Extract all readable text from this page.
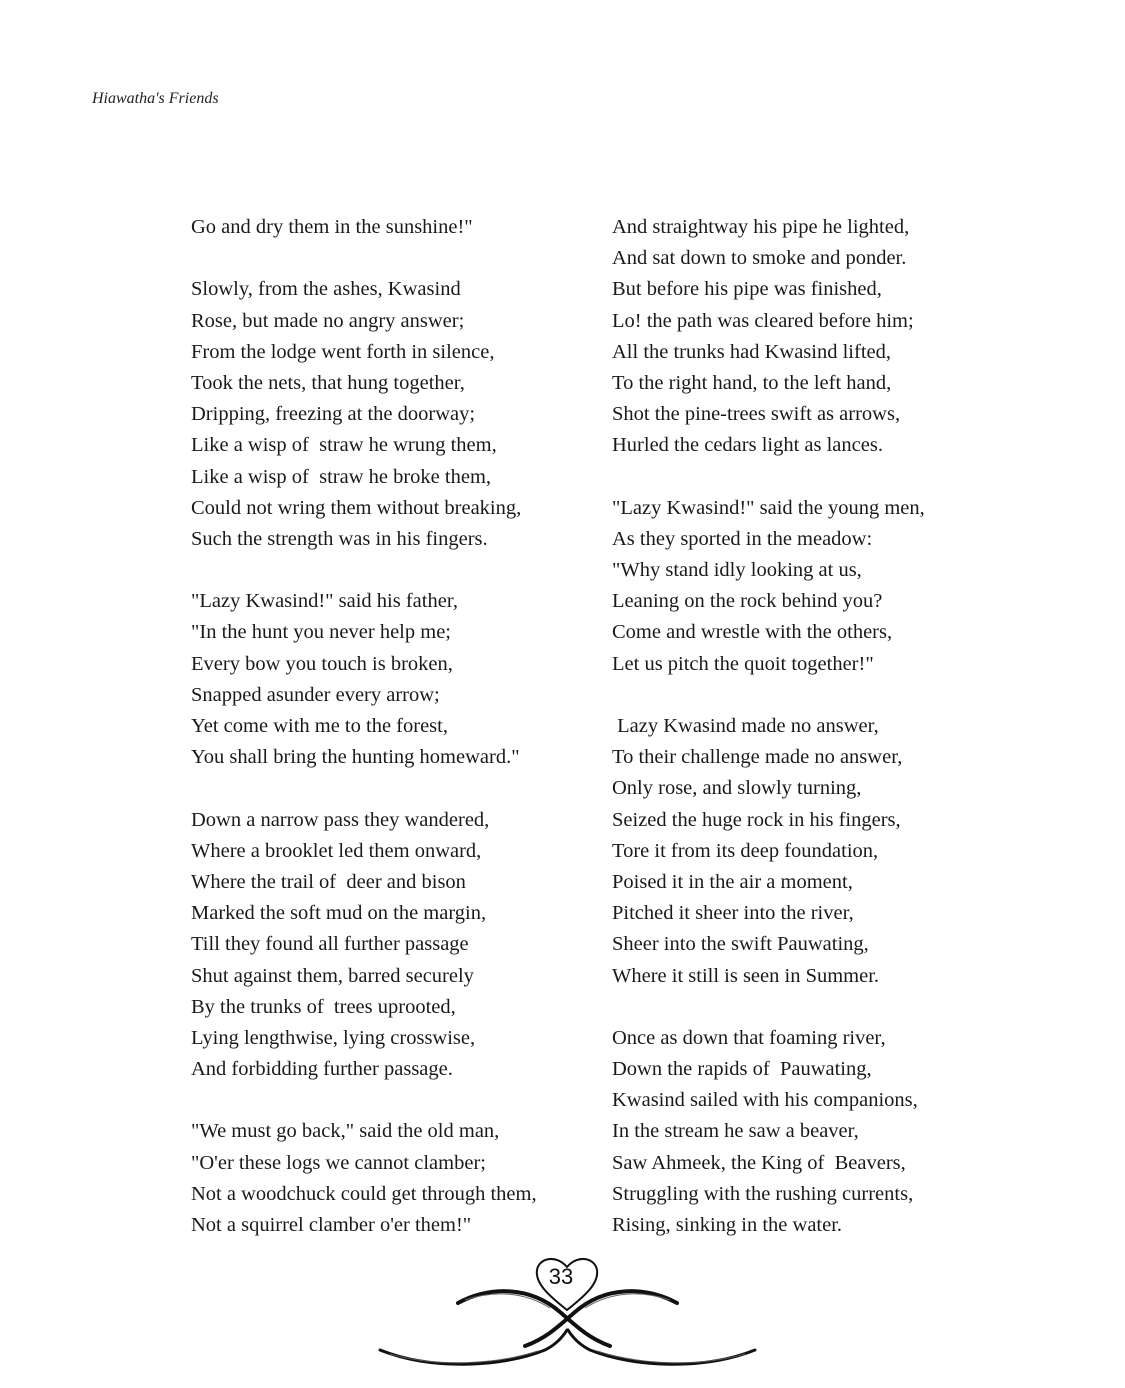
Hiawatha's Friends
Go and dry them in the sunshine!"
Slowly, from the ashes, Kwasind
Rose, but made no angry answer;
From the lodge went forth in silence,
Took the nets, that hung together,
Dripping, freezing at the doorway;
Like a wisp of  straw he wrung them,
Like a wisp of  straw he broke them,
Could not wring them without breaking,
Such the strength was in his fingers.
"Lazy Kwasind!" said his father,
"In the hunt you never help me;
Every bow you touch is broken,
Snapped asunder every arrow;
Yet come with me to the forest,
You shall bring the hunting homeward."
Down a narrow pass they wandered,
Where a brooklet led them onward,
Where the trail of  deer and bison
Marked the soft mud on the margin,
Till they found all further passage
Shut against them, barred securely
By the trunks of  trees uprooted,
Lying lengthwise, lying crosswise,
And forbidding further passage.
"We must go back," said the old man,
"O'er these logs we cannot clamber;
Not a woodchuck could get through them,
Not a squirrel clamber o'er them!"
And straightway his pipe he lighted,
And sat down to smoke and ponder.
But before his pipe was finished,
Lo! the path was cleared before him;
All the trunks had Kwasind lifted,
To the right hand, to the left hand,
Shot the pine-trees swift as arrows,
Hurled the cedars light as lances.
"Lazy Kwasind!" said the young men,
As they sported in the meadow:
"Why stand idly looking at us,
Leaning on the rock behind you?
Come and wrestle with the others,
Let us pitch the quoit together!"
Lazy Kwasind made no answer,
To their challenge made no answer,
Only rose, and slowly turning,
Seized the huge rock in his fingers,
Tore it from its deep foundation,
Poised it in the air a moment,
Pitched it sheer into the river,
Sheer into the swift Pauwating,
Where it still is seen in Summer.
Once as down that foaming river,
Down the rapids of  Pauwating,
Kwasind sailed with his companions,
In the stream he saw a beaver,
Saw Ahmeek, the King of  Beavers,
Struggling with the rushing currents,
Rising, sinking in the water.
33
